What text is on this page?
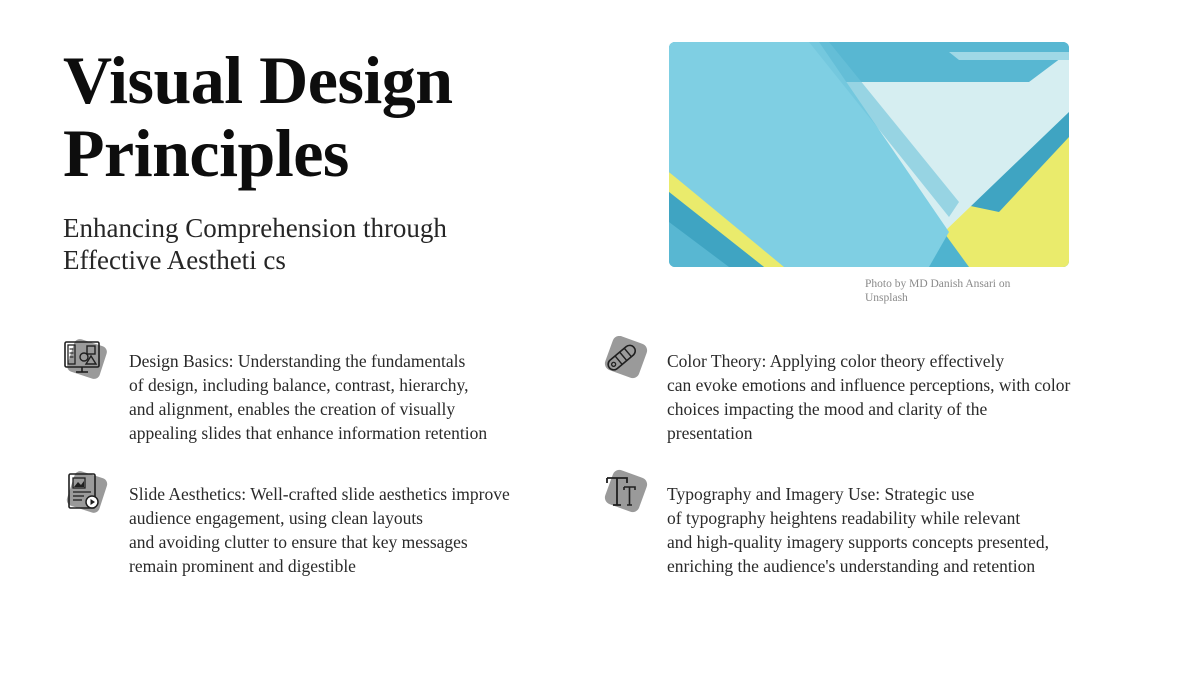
Visual Design
Principles

Enhancing Comprehension through
Effective Aestheti cs

Photo by MD Danish Ansari on
Unsplash
Design Basics: Understanding the fundamentals
of design, including balance, contrast, hierarchy,
and alignment, enables the creation of visually
appealing slides that enhance information retention
Color Theory: Applying color theory effectively
can evoke emotions and influence perceptions, with color
choices impacting the mood and clarity of the
presentation
Slide Aesthetics: Well-crafted slide aesthetics improve
audience engagement, using clean layouts
and avoiding clutter to ensure that key messages
remain prominent and digestible
Typography and Imagery Use: Strategic use
of typography heightens readability while relevant
and high-quality imagery supports concepts presented,
enriching the audience's understanding and retention
